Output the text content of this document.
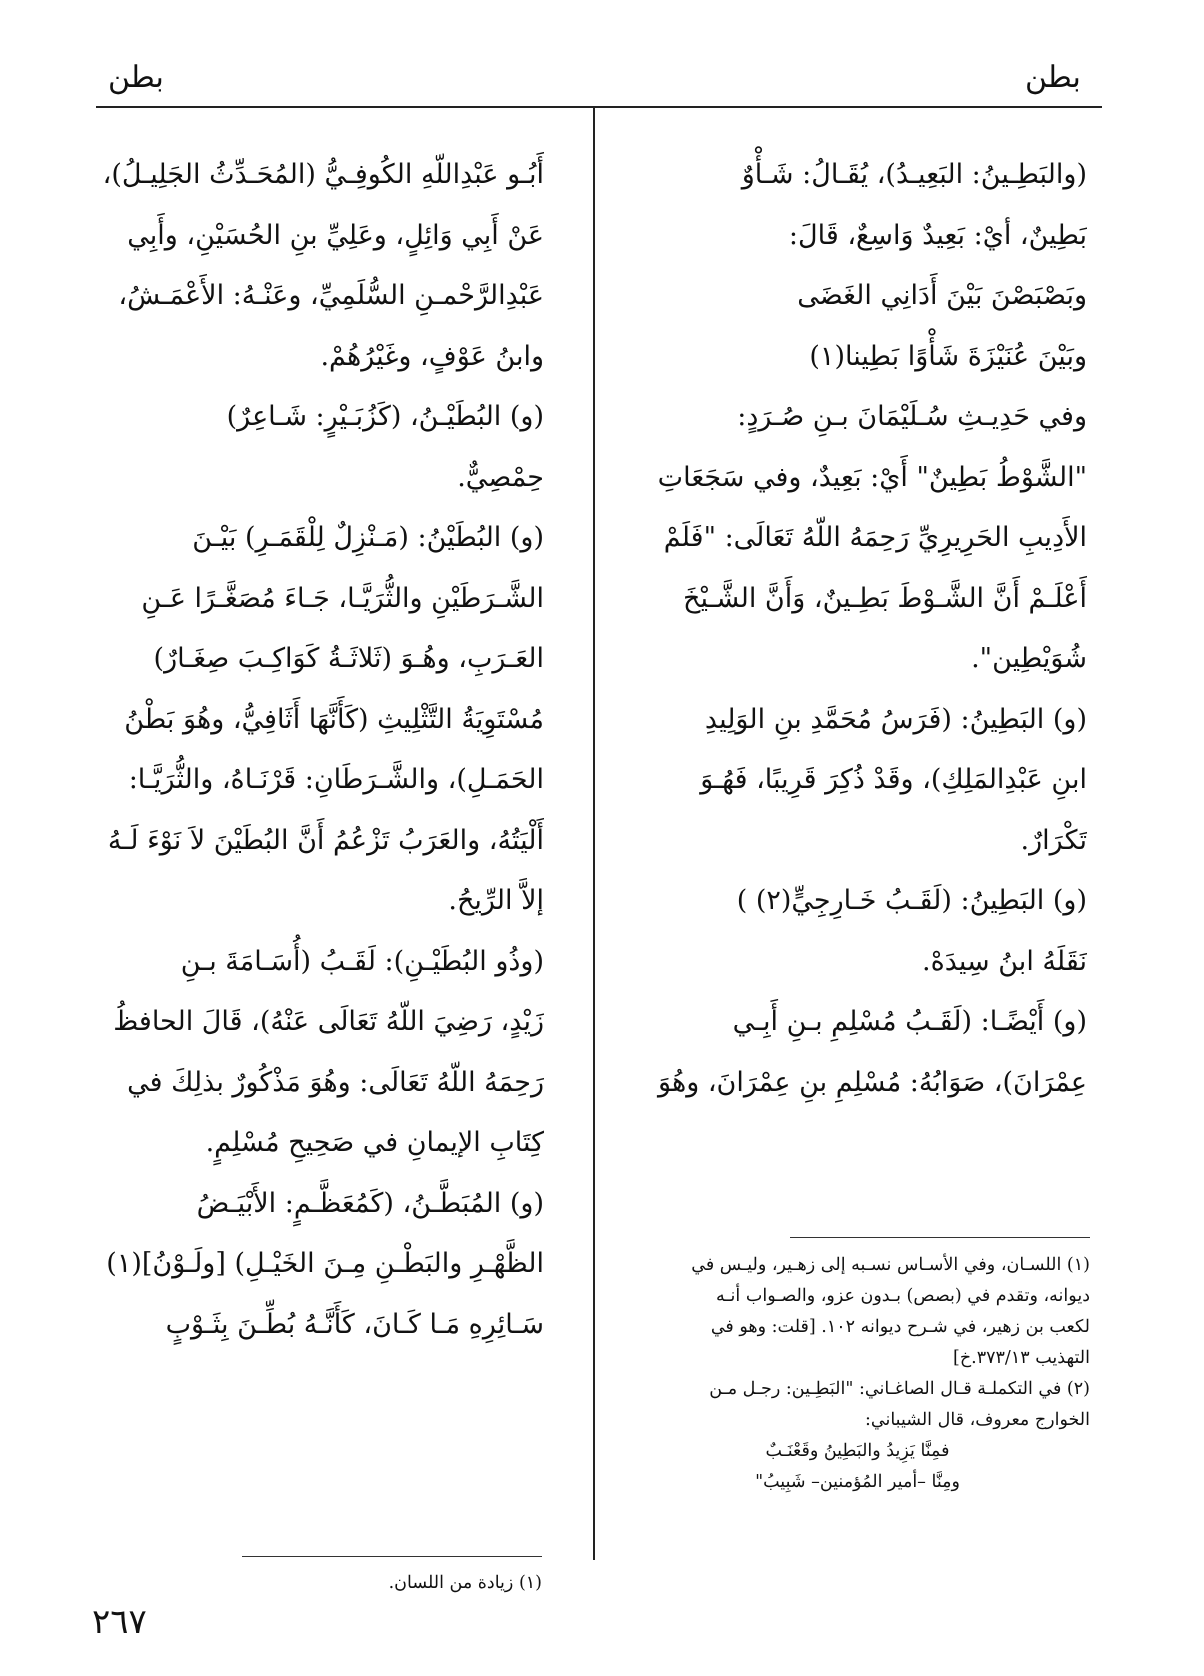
بطن
بطن
(والبَطِـينُ: البَعِيـدُ)، يُقَـالُ: شَـأْوٌ
بَطِينٌ، أيْ: بَعِيدٌ وَاسِعٌ، قَالَ:
وبَصْبَصْنَ بَيْنَ أَدَانِي الغَضَى
وبَيْنَ عُنَيْزَةَ شَأْوًا بَطِينا(١)
وفي حَدِيـثِ سُـلَيْمَانَ بـنِ صُـرَدٍ:
"الشَّوْطُ بَطِينٌ" أَيْ: بَعِيدٌ، وفي سَجَعَاتِ
الأَدِيبِ الحَرِيرِيِّ رَحِمَهُ اللّهُ تَعَالَى: "فَلَمْ
أَعْلَـمْ أَنَّ الشَّـوْطَ بَطِـينٌ، وَأَنَّ الشَّـيْخَ
شُوَيْطِين".
(و) البَطِينُ: (فَرَسُ مُحَمَّدِ بنِ الوَلِيدِ
ابنِ عَبْدِالمَلِكِ)، وقَدْ ذُكِرَ قَرِيبًا، فَهُـوَ
تَكْرَارٌ.
(و) البَطِينُ: (لَقَـبُ خَـارِجِيٍّ(٢) )
نَقَلَهُ ابنُ سِيدَهْ.
(و) أَيْضًـا: (لَقَـبُ مُسْلِمِ بـنِ أَبِـي
عِمْرَانَ)، صَوَابُهُ: مُسْلِمِ بنِ عِمْرَانَ، وهُوَ
(١) اللسـان، وفي الأسـاس نسـبه إلى زهـير، وليـس في
ديوانه، وتقدم في (بصص) بـدون عزو، والصـواب أنـه
لكعب بن زهير، في شـرح ديوانه ١٠٢. [قلت: وهو في
التهذيب ٣٧٣/١٣.خ]
(٢) في التكملـة قـال الصاغـاني: "البَطِـين: رجـل مـن
الخوارج معروف، قال الشيباني:
فمِنَّا يَزِيدُ والبَطِينُ وقَعْنَـبٌ
ومِنَّا –أمير المُؤمنين– شَبِيبُ"
أَبُـو عَبْدِاللّهِ الكُوفِـيُّ (المُحَـدِّثُ الجَلِيـلُ)،
عَنْ أَبِي وَائِلٍ، وعَلِيِّ بنِ الحُسَيْنِ، وأَبِي
عَبْدِالرَّحْمـنِ السُّلَمِيِّ، وعَنْـهُ: الأَعْمَـشُ،
وابنُ عَوْفٍ، وغَيْرُهُمْ.
(و) البُطَيْـنُ، (كَزُبَـيْرٍ: شَـاعِرٌ)
حِمْصِيٌّ.
(و) البُطَيْنُ: (مَـنْزِلٌ لِلْقَمَـرِ) بَيْـنَ
الشَّـرَطَيْنِ والثُّرَيَّـا، جَـاءَ مُصَغَّـرًا عَـنِ
العَـرَبِ، وهُـوَ (ثَلاثَـةُ كَوَاكِـبَ صِغَـارٌ)
مُسْتَوِيَةُ التَّثْلِيثِ (كَأَنَّهَا أَثَافِيُّ، وهُوَ بَطْنُ
الحَمَـلِ)، والشَّـرَطَانِ: قَرْنَـاهُ، والثُّرَيَّـا:
أَلْيَتُهُ، والعَرَبُ تَزْعُمُ أَنَّ البُطَيْنَ لاَ نَوْءَ لَـهُ
إلاَّ الرِّيحُ.
(وذُو البُطَيْـنِ): لَقَـبُ (أُسَـامَةَ بـنِ
زَيْدٍ، رَضِيَ اللّهُ تَعَالَى عَنْهُ)، قَالَ الحافظُ
رَحِمَهُ اللّهُ تَعَالَى: وهُوَ مَذْكُورٌ بذلِكَ في
كِتَابِ الإيمانِ في صَحِيحِ مُسْلِمٍ.
(و) المُبَطَّـنُ، (كَمُعَظَّـمٍ: الأَبْيَـضُ
الظَّهْـرِ والبَطْـنِ مِـنَ الخَيْـلِ) [ولَـوْنُ](١)
سَـائِرِهِ مَـا كَـانَ، كَأَنَّـهُ بُطِّـنَ بِثَـوْبٍ
(١) زيادة من اللسان.
٢٦٧
